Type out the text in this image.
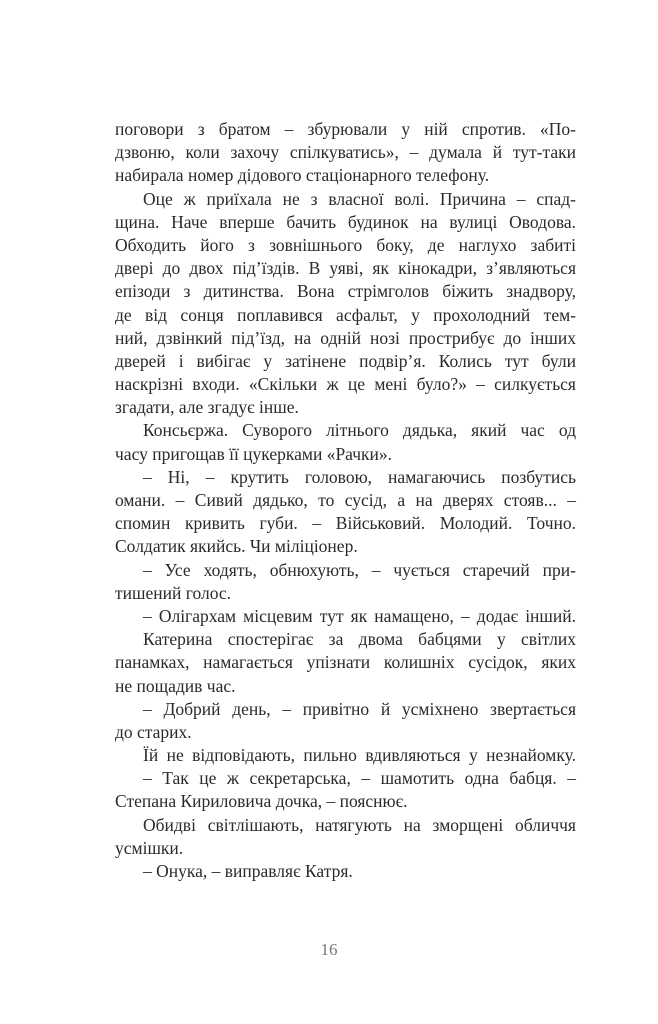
поговори з братом – збурювали у ній спротив. «По-
дзвоню, коли захочу спілкуватись», – думала й тут-таки
набирала номер дідового стаціонарного телефону.
Оце ж приїхала не з власної волі. Причина – спад-
щина. Наче вперше бачить будинок на вулиці Оводова.
Обходить його з зовнішнього боку, де наглухо забиті
двері до двох під’їздів. В уяві, як кінокадри, з’являються
епізоди з дитинства. Вона стрімголов біжить знадвору,
де від сонця поплавився асфальт, у прохолодний тем-
ний, дзвінкий під’їзд, на одній нозі прострибує до інших
дверей і вибігає у затінене подвір’я. Колись тут були
наскрізні входи. «Скільки ж це мені було?» – силкується
згадати, але згадує інше.
Консьєржа. Суворого літнього дядька, який час од
часу пригощав її цукерками «Рачки».
– Ні, – крутить головою, намагаючись позбутись
омани. – Сивий дядько, то сусід, а на дверях стояв... –
спомин кривить губи. – Військовий. Молодий. Точно.
Солдатик якийсь. Чи міліціонер.
– Усе ходять, обнюхують, – чується старечий при-
тишений голос.
– Олігархам місцевим тут як намащено, – додає інший.
Катерина спостерігає за двома бабцями у світлих
панамках, намагається упізнати колишніх сусідок, яких
не пощадив час.
– Добрий день, – привітно й усміхнено звертається
до старих.
Їй не відповідають, пильно вдивляються у незнайомку.
– Так це ж секретарська, – шамотить одна бабця. –
Степана Кириловича дочка, – пояснює.
Обидві світлішають, натягують на зморщені обличчя
усмішки.
– Онука, – виправляє Катря.
16
